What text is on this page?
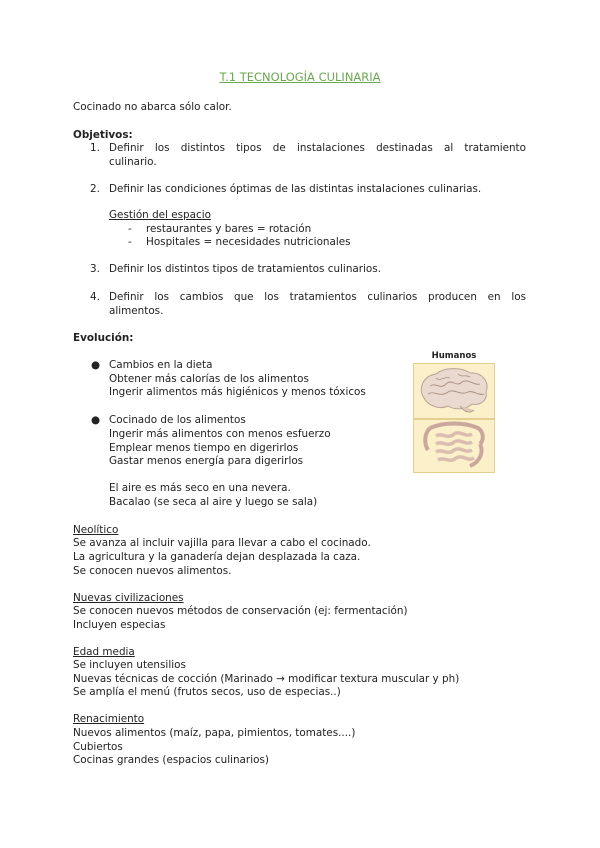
T.1 TECNOLOGÍA CULINARIA
Cocinado no abarca sólo calor.
Objetivos:
1. Definir los distintos tipos de instalaciones destinadas al tratamiento
culinario.
2. Definir las condiciones óptimas de las distintas instalaciones culinarias.
Gestión del espacio
- restaurantes y bares = rotación
- Hospitales = necesidades nutricionales
3. Definir los distintos tipos de tratamientos culinarios.
4. Definir los cambios que los tratamientos culinarios producen en los
alimentos.
Evolución:
● Cambios en la dieta
Obtener más calorías de los alimentos
Ingerir alimentos más higiénicos y menos tóxicos
● Cocinado de los alimentos
Ingerir más alimentos con menos esfuerzo
Emplear menos tiempo en digerirlos
Gastar menos energía para digerirlos
El aire es más seco en una nevera.
Bacalao (se seca al aire y luego se sala)
Humanos
Neolítico
Se avanza al incluir vajilla para llevar a cabo el cocinado.
La agricultura y la ganadería dejan desplazada la caza.
Se conocen nuevos alimentos.
Nuevas civilizaciones
Se conocen nuevos métodos de conservación (ej: fermentación)
Incluyen especias
Edad media
Se incluyen utensilios
Nuevas técnicas de cocción (Marinado → modificar textura muscular y ph)
Se amplía el menú (frutos secos, uso de especias..)
Renacimiento
Nuevos alimentos (maíz, papa, pimientos, tomates....)
Cubiertos
Cocinas grandes (espacios culinarios)
